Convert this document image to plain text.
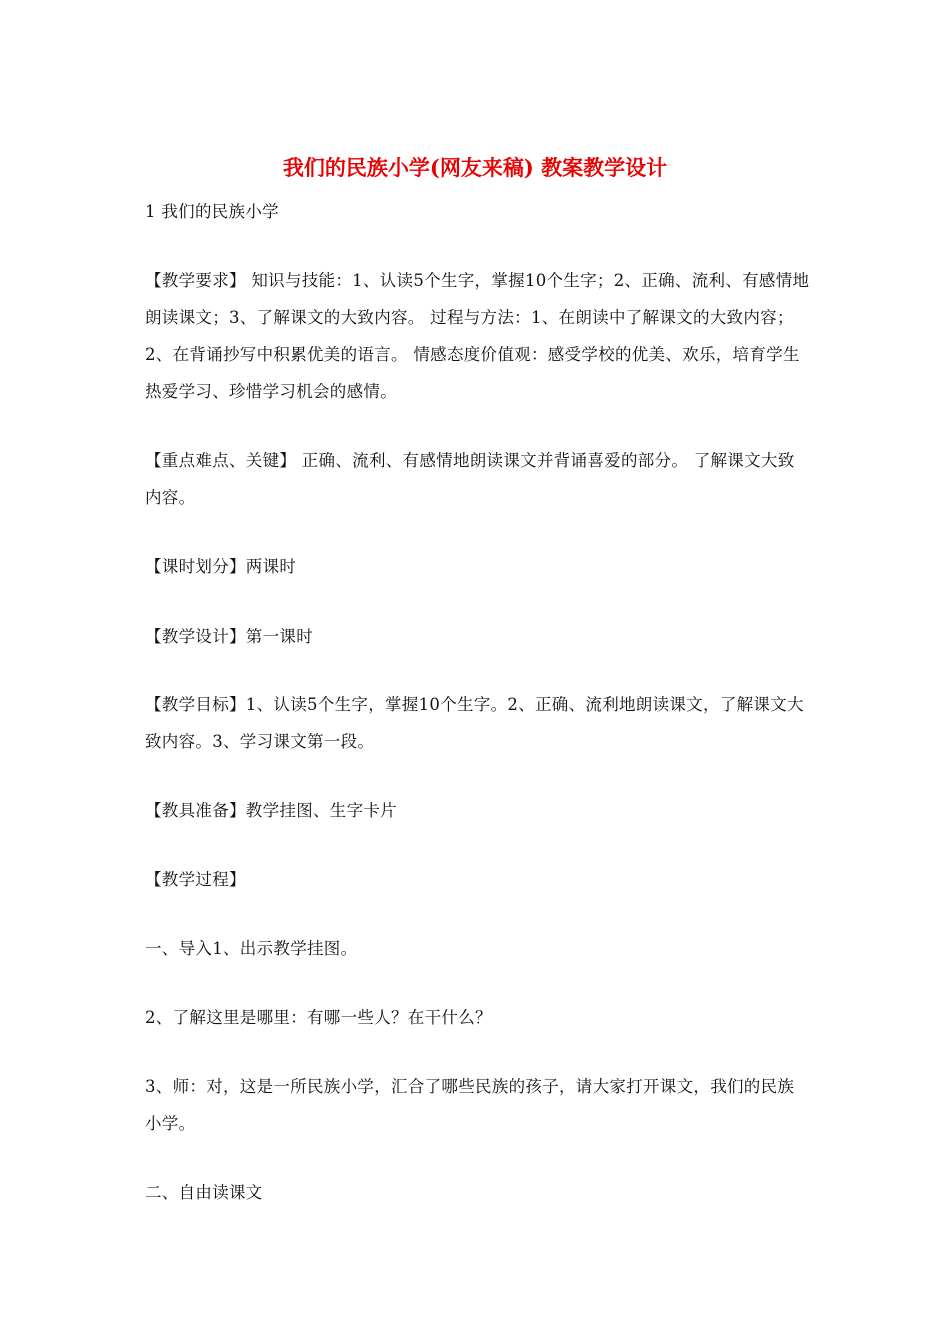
我们的民族小学(网友来稿) 教案教学设计

1 我们的民族小学

【教学要求】 知识与技能：1、认读5个生字，掌握10个生字；2、正确、流利、有感情地朗读课文；3、了解课文的大致内容。 过程与方法：1、在朗读中了解课文的大致内容；2、在背诵抄写中积累优美的语言。 情感态度价值观：感受学校的优美、欢乐，培育学生热爱学习、珍惜学习机会的感情。

【重点难点、关键】 正确、流利、有感情地朗读课文并背诵喜爱的部分。 了解课文大致内容。

【课时划分】两课时

【教学设计】第一课时

【教学目标】1、认读5个生字，掌握10个生字。2、正确、流利地朗读课文，了解课文大致内容。3、学习课文第一段。

【教具准备】教学挂图、生字卡片

【教学过程】

一、导入1、出示教学挂图。

2、了解这里是哪里：有哪一些人？在干什么？

3、师：对，这是一所民族小学，汇合了哪些民族的孩子，请大家打开课文，我们的民族小学。

二、自由读课文
